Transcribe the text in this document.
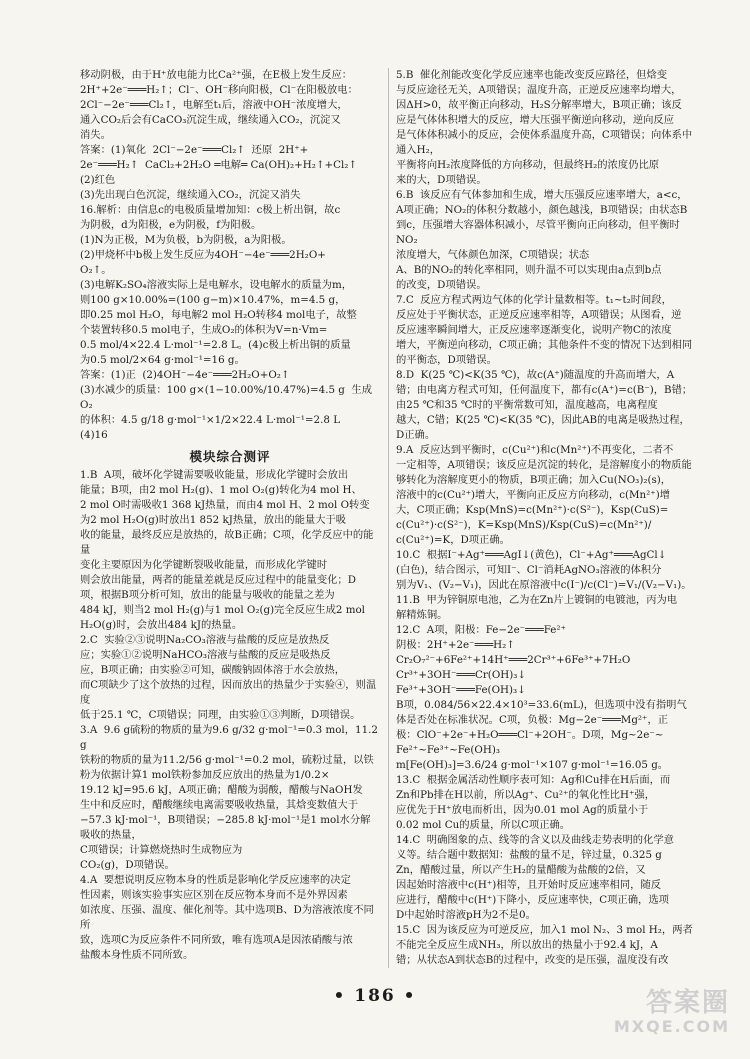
移动阴极，由于H⁺放电能力比Ca²⁺强，在E极上发生反应：

2H⁺+2e⁻═══H₂↑；Cl⁻、OH⁻移向阳极，Cl⁻在阳极放电：

2Cl⁻−2e⁻═══Cl₂↑，电解至t₁后，溶液中OH⁻浓度增大，

通入CO₂后会有CaCO₃沉淀生成，继续通入CO₂，沉淀又

消失。

答案：(1)氧化  2Cl⁻−2e⁻═══Cl₂↑  还原  2H⁺+

2e⁻═══H₂↑  CaCl₂+2H₂O ═电解═ Ca(OH)₂+H₂↑+Cl₂↑

(2)红色

(3)先出现白色沉淀，继续通入CO₂，沉淀又消失

16.解析：由信息c的电极质量增加知：c极上析出铜，故c

为阴极，d为阳极，e为阴极，f为阳极。

(1)N为正极，M为负极，b为阴极，a为阳极。

(2)甲烧杯中b极上发生反应为4OH⁻−4e⁻═══2H₂O+

O₂↑。

(3)电解K₂SO₄溶液实际上是电解水，设电解水的质量为m，

则100 g×10.00%=(100 g−m)×10.47%，m=4.5 g，

即0.25 mol H₂O，每电解2 mol H₂O转移4 mol电子，故整

个装置转移0.5 mol电子，生成O₂的体积为V=n·Vm=

0.5 mol/4×22.4 L·mol⁻¹=2.8 L。(4)c极上析出铜的质量

为0.5 mol/2×64 g·mol⁻¹=16 g。

答案：(1)正  (2)4OH⁻−4e⁻═══2H₂O+O₂↑

(3)水减少的质量：100 g×(1−10.00%/10.47%)=4.5 g  生成O₂

的体积：4.5 g/18 g·mol⁻¹×1/2×22.4 L·mol⁻¹=2.8 L

(4)16

模块综合测评

1.B  A项，破坏化学键需要吸收能量，形成化学键时会放出

能量；B项，由2 mol H₂(g)、1 mol O₂(g)转化为4 mol H、

2 mol O时需吸收1 368 kJ热量，而由4 mol H、2 mol O转变

为2 mol H₂O(g)时放出1 852 kJ热量，放出的能量大于吸

收的能量，最终反应是放热的，故B正确；C项，化学反应中的能量

变化主要原因为化学键断裂吸收能量，而形成化学键时

则会放出能量，两者的能量差就是反应过程中的能量变化；D

项，根据B项分析可知，放出的能量与吸收的能量之差为

484 kJ，则当2 mol H₂(g)与1 mol O₂(g)完全反应生成2 mol

H₂O(g)时，会放出484 kJ的热量。

2.C  实验②③说明Na₂CO₃溶液与盐酸的反应是放热反

应；实验①②说明NaHCO₃溶液与盐酸的反应是吸热反

应，B项正确；由实验②可知，碳酸钠固体溶于水会放热，

而C项缺少了这个放热的过程，因而放出的热量少于实验④，则温度

低于25.1 ℃，C项错误；同理，由实验①③判断，D项错误。

3.A  9.6 g硫粉的物质的量为9.6 g/32 g·mol⁻¹=0.3 mol，11.2 g

铁粉的物质的量为11.2/56 g·mol⁻¹=0.2 mol，硫粉过量，以铁

粉为依据计算1 mol铁粉参加反应放出的热量为1/0.2×

19.12 kJ=95.6 kJ，A项正确；醋酸为弱酸，醋酸与NaOH发

生中和反应时，醋酸继续电离需要吸收热量，其焓变数值大于

−57.3 kJ·mol⁻¹，B项错误；−285.8 kJ·mol⁻¹是1 mol水分解吸收的热量，

C项错误；计算燃烧热时生成物应为

CO₂(g)，D项错误。

4.A  要想说明反应物本身的性质是影响化学反应速率的决定

性因素，则该实验事实应区别在反应物本身而不是外界因素

如浓度、压强、温度、催化剂等。其中选项B、D为溶液浓度不同所

致，选项C为反应条件不同所致，唯有选项A是因浓硝酸与浓

盐酸本身性质不同所致。

5.B  催化剂能改变化学反应速率也能改变反应路径，但焓变

与反应途径无关，A项错误；温度升高，正逆反应速率均增大，

因ΔH>0，故平衡正向移动，H₂S分解率增大，B项正确；该反

应是气体体积增大的反应，增大压强平衡逆向移动，逆向反应

是气体体积减小的反应，会使体系温度升高，C项错误；向体系中通入H₂，

平衡将向H₂浓度降低的方向移动，但最终H₂的浓度仍比原

来的大，D项错误。

6.B  该反应有气体参加和生成，增大压强反应速率增大，a<c，

A项正确；NO₂的体积分数越小，颜色越浅，B项错误；由状态B

到c，压强增大容器体积减小，尽管平衡向正向移动，但平衡时NO₂

浓度增大，气体颜色加深，C项错误；状态

A、B的NO₂的转化率相同，则升温不可以实现由a点到b点

的改变，D项错误。

7.C  反应方程式两边气体的化学计量数相等。t₁~t₂时间段，

反应处于平衡状态，正逆反应速率相等，A项错误；从图看，逆

反应速率瞬间增大，正反应速率逐渐变化，说明产物C的浓度

增大，平衡逆向移动，C项正确；其他条件不变的情况下达到相同

的平衡态，D项错误。

8.D  K(25 ℃)<K(35 ℃)，故c(A⁺)随温度的升高而增大，A

错；由电离方程式可知，任何温度下，都有c(A⁺)=c(B⁻)，B错；

由25 ℃和35 ℃时的平衡常数可知，温度越高，电离程度

越大，C错；K(25 ℃)<K(35 ℃)，因此AB的电离是吸热过程，

D正确。

9.A  反应达到平衡时，c(Cu²⁺)和c(Mn²⁺)不再变化，二者不

一定相等，A项错误；该反应是沉淀的转化，是溶解度小的物质能

够转化为溶解度更小的物质，B项正确；加入Cu(NO₃)₂(s)，

溶液中的c(Cu²⁺)增大，平衡向正反应方向移动，c(Mn²⁺)增

大，C项正确；Ksp(MnS)=c(Mn²⁺)·c(S²⁻)，Ksp(CuS)=

c(Cu²⁺)·c(S²⁻)，K=Ksp(MnS)/Ksp(CuS)=c(Mn²⁺)/

c(Cu²⁺)=K，D项正确。

10.C  根据I⁻+Ag⁺═══AgI↓(黄色)，Cl⁻+Ag⁺═══AgCl↓

(白色)，结合图示，可知I⁻、Cl⁻消耗AgNO₃溶液的体积分

别为V₁、(V₂−V₁)，因此在原溶液中c(I⁻)/c(Cl⁻)=V₁/(V₂−V₁)。

11.B  甲为锌铜原电池，乙为在Zn片上镀铜的电镀池，丙为电

解精炼铜。

12.C  A项，阳极：Fe−2e⁻═══Fe²⁺

阴极：2H⁺+2e⁻═══H₂↑

Cr₂O₇²⁻+6Fe²⁺+14H⁺═══2Cr³⁺+6Fe³⁺+7H₂O

Cr³⁺+3OH⁻═══Cr(OH)₃↓

Fe³⁺+3OH⁻═══Fe(OH)₃↓

B项，0.084/56×22.4×10³=33.6(mL)，但选项中没有指明气

体是否处在标准状况。C项，负极：Mg−2e⁻═══Mg²⁺，正

极：ClO⁻+2e⁻+H₂O═══Cl⁻+2OH⁻。D项，Mg~2e⁻~

Fe²⁺~Fe³⁺~Fe(OH)₃

m[Fe(OH)₃]=3.6/24 g·mol⁻¹×107 g·mol⁻¹=16.05 g。

13.C  根据金属活动性顺序表可知：Ag和Cu排在H后面，而

Zn和Pb排在H以前，所以Ag⁺、Cu²⁺的氧化性比H⁺强，

应优先于H⁺放电而析出，因为0.01 mol Ag的质量小于

0.02 mol Cu的质量，所以C项正确。

14.C  明确图象的点、线等的含义以及曲线走势表明的化学意

义等。结合题中数据知：盐酸的量不足，锌过量，0.325 g

Zn，醋酸过量，所以产生H₂的量醋酸为盐酸的2倍，又

因起始时溶液中c(H⁺)相等，且开始时反应速率相同，随反

应进行，醋酸中c(H⁺)下降小，反应速率快，C项正确，选项

D中起始时溶液pH为2不是0。

15.C  因为该反应为可逆反应，加入1 mol N₂、3 mol H₂，两者

不能完全反应生成NH₃，所以放出的热量小于92.4 kJ，A

错；从状态A到状态B的过程中，改变的是压强，温度没有改

• 186 •	答案圈
MXQE.COM
